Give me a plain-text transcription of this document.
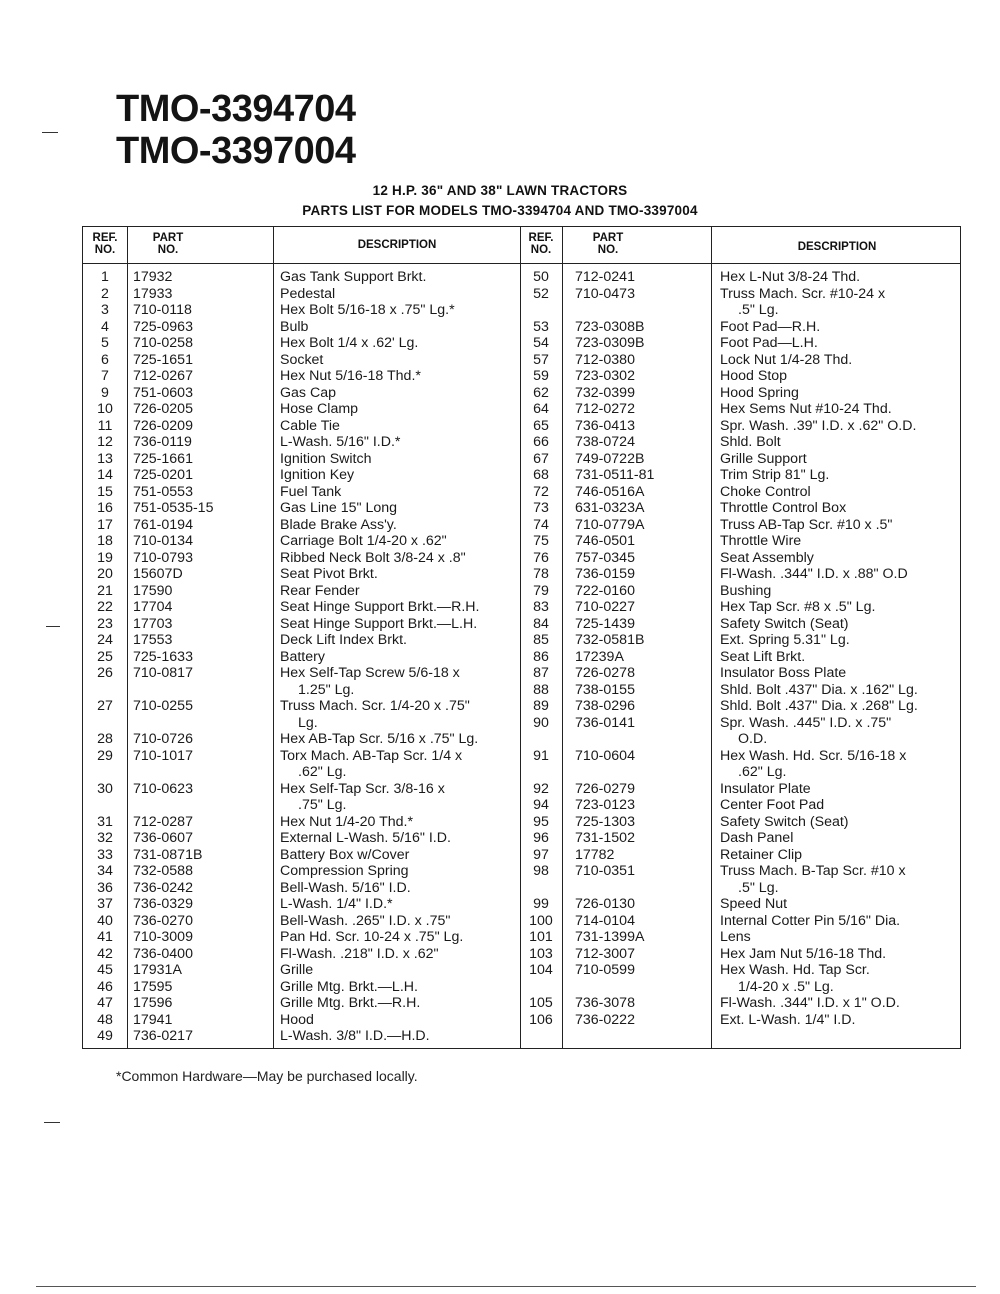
TMO-3394704
TMO-3397004
12 H.P. 36" AND 38" LAWN TRACTORS
PARTS LIST FOR MODELS TMO-3394704 AND TMO-3397004
REF.
NO.
PART
NO.	DESCRIPTION
REF.
NO.
PART
NO.	DESCRIPTION
1
2
3
4
5
6
7
9
10
11
12
13
14
15
16
17
18
19
20
21
22
23
24
25
26
27
28
29
30
31
32
33
34
36
37
40
41
42
45
46
47
48
49
17932
17933
710-0118
725-0963
710-0258
725-1651
712-0267
751-0603
726-0205
726-0209
736-0119
725-1661
725-0201
751-0553
751-0535-15
761-0194
710-0134
710-0793
15607D
17590
17704
17703
17553
725-1633
710-0817
710-0255
710-0726
710-1017
710-0623
712-0287
736-0607
731-0871B
732-0588
736-0242
736-0329
736-0270
710-3009
736-0400
17931A
17595
17596
17941
736-0217
Gas Tank Support Brkt.
Pedestal
Hex Bolt 5/16-18 x .75" Lg.*
Bulb
Hex Bolt 1/4 x .62' Lg.
Socket
Hex Nut 5/16-18 Thd.*
Gas Cap
Hose Clamp
Cable Tie
L-Wash. 5/16" I.D.*
Ignition Switch
Ignition Key
Fuel Tank
Gas Line 15" Long
Blade Brake Ass'y.
Carriage Bolt 1/4-20 x .62"
Ribbed Neck Bolt 3/8-24 x .8"
Seat Pivot Brkt.
Rear Fender
Seat Hinge Support Brkt.—R.H.
Seat Hinge Support Brkt.—L.H.
Deck Lift Index Brkt.
Battery
Hex Self-Tap Screw 5/6-18 x
1.25" Lg.
Truss Mach. Scr. 1/4-20 x .75"
Lg.
Hex AB-Tap Scr. 5/16 x .75" Lg.
Torx Mach. AB-Tap Scr. 1/4 x
.62" Lg.
Hex Self-Tap Scr. 3/8-16 x
.75" Lg.
Hex Nut 1/4-20 Thd.*
External L-Wash. 5/16" I.D.
Battery Box w/Cover
Compression Spring
Bell-Wash. 5/16" I.D.
L-Wash. 1/4" I.D.*
Bell-Wash. .265" I.D. x .75"
Pan Hd. Scr. 10-24 x .75" Lg.
Fl-Wash. .218" I.D. x .62"
Grille
Grille Mtg. Brkt.—L.H.
Grille Mtg. Brkt.—R.H.
Hood
L-Wash. 3/8" I.D.—H.D.
50
52
53
54
57
59
62
64
65
66
67
68
72
73
74
75
76
78
79
83
84
85
86
87
88
89
90
91
92
94
95
96
97
98
99
100
101
103
104
105
106
712-0241
710-0473
723-0308B
723-0309B
712-0380
723-0302
732-0399
712-0272
736-0413
738-0724
749-0722B
731-0511-81
746-0516A
631-0323A
710-0779A
746-0501
757-0345
736-0159
722-0160
710-0227
725-1439
732-0581B
17239A
726-0278
738-0155
738-0296
736-0141
710-0604
726-0279
723-0123
725-1303
731-1502
17782
710-0351
726-0130
714-0104
731-1399A
712-3007
710-0599
736-3078
736-0222
Hex L-Nut 3/8-24 Thd.
Truss Mach. Scr. #10-24 x
.5" Lg.
Foot Pad—R.H.
Foot Pad—L.H.
Lock Nut 1/4-28 Thd.
Hood Stop
Hood Spring
Hex Sems Nut #10-24 Thd.
Spr. Wash. .39" I.D. x .62" O.D.
Shld. Bolt
Grille Support
Trim Strip 81" Lg.
Choke Control
Throttle Control Box
Truss AB-Tap Scr. #10 x .5"
Throttle Wire
Seat Assembly
Fl-Wash. .344" I.D. x .88" O.D
Bushing
Hex Tap Scr. #8 x .5" Lg.
Safety Switch (Seat)
Ext. Spring 5.31" Lg.
Seat Lift Brkt.
Insulator Boss Plate
Shld. Bolt .437" Dia. x .162" Lg.
Shld. Bolt .437" Dia. x .268" Lg.
Spr. Wash. .445" I.D. x .75"
O.D.
Hex Wash. Hd. Scr. 5/16-18 x
.62" Lg.
Insulator Plate
Center Foot Pad
Safety Switch (Seat)
Dash Panel
Retainer Clip
Truss Mach. B-Tap Scr. #10 x
.5" Lg.
Speed Nut
Internal Cotter Pin 5/16" Dia.
Lens
Hex Jam Nut 5/16-18 Thd.
Hex Wash. Hd. Tap Scr.
1/4-20 x .5" Lg.
Fl-Wash. .344" I.D. x 1" O.D.
Ext. L-Wash. 1/4" I.D.
*Common Hardware—May be purchased locally.
